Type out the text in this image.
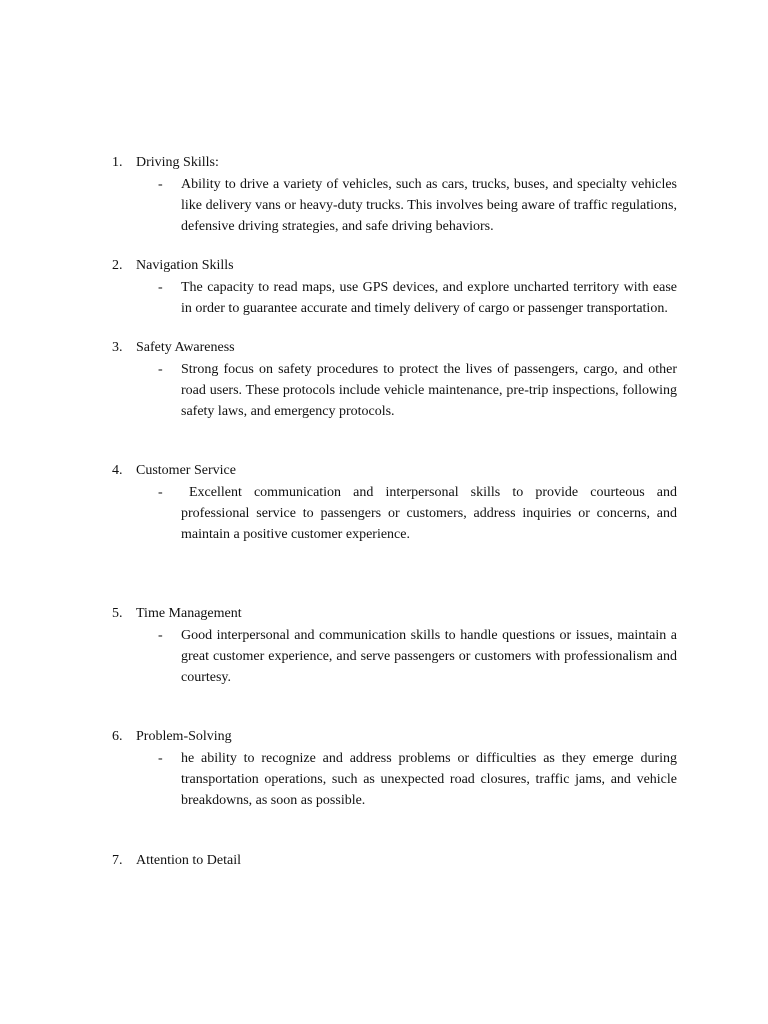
1. Driving Skills:
- Ability to drive a variety of vehicles, such as cars, trucks, buses, and specialty vehicles like delivery vans or heavy-duty trucks. This involves being aware of traffic regulations, defensive driving strategies, and safe driving behaviors.
2. Navigation Skills
- The capacity to read maps, use GPS devices, and explore uncharted territory with ease in order to guarantee accurate and timely delivery of cargo or passenger transportation.
3. Safety Awareness
- Strong focus on safety procedures to protect the lives of passengers, cargo, and other road users. These protocols include vehicle maintenance, pre-trip inspections, following safety laws, and emergency protocols.
4. Customer Service
-	Excellent communication and interpersonal skills to provide courteous and professional service to passengers or customers, address inquiries or concerns, and maintain a positive customer experience.
5. Time Management
- Good interpersonal and communication skills to handle questions or issues, maintain a great customer experience, and serve passengers or customers with professionalism and courtesy.
6. Problem-Solving
- he ability to recognize and address problems or difficulties as they emerge during transportation operations, such as unexpected road closures, traffic jams, and vehicle breakdowns, as soon as possible.
7. Attention to Detail
